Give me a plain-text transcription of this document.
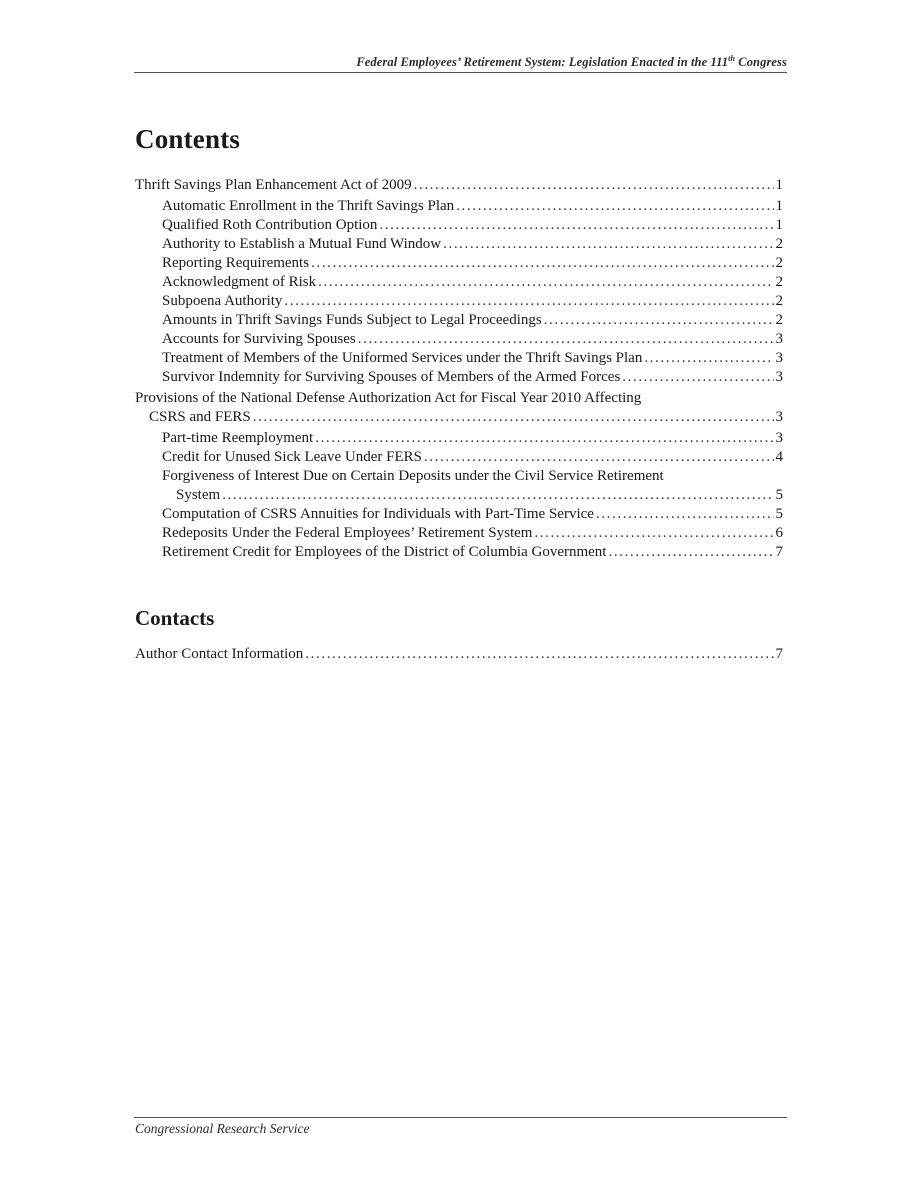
Federal Employees’ Retirement System: Legislation Enacted in the 111th Congress
Contents
Thrift Savings Plan Enhancement Act of 2009 .....	1
Automatic Enrollment in the Thrift Savings Plan .....	1
Qualified Roth Contribution Option .....	1
Authority to Establish a Mutual Fund Window .....	2
Reporting Requirements .....	2
Acknowledgment of Risk .....	2
Subpoena Authority .....	2
Amounts in Thrift Savings Funds Subject to Legal Proceedings .....	2
Accounts for Surviving Spouses .....	3
Treatment of Members of the Uniformed Services under the Thrift Savings Plan .....	3
Survivor Indemnity for Surviving Spouses of Members of the Armed Forces .....	3
Provisions of the National Defense Authorization Act for Fiscal Year 2010 Affecting
CSRS and FERS .....	3
Part-time Reemployment .....	3
Credit for Unused Sick Leave Under FERS .....	4
Forgiveness of Interest Due on Certain Deposits under the Civil Service Retirement
System .....	5
Computation of CSRS Annuities for Individuals with Part-Time Service .....	5
Redeposits Under the Federal Employees’ Retirement System .....	6
Retirement Credit for Employees of the District of Columbia Government .....	7
Contacts
Author Contact Information .....	7
Congressional Research Service
